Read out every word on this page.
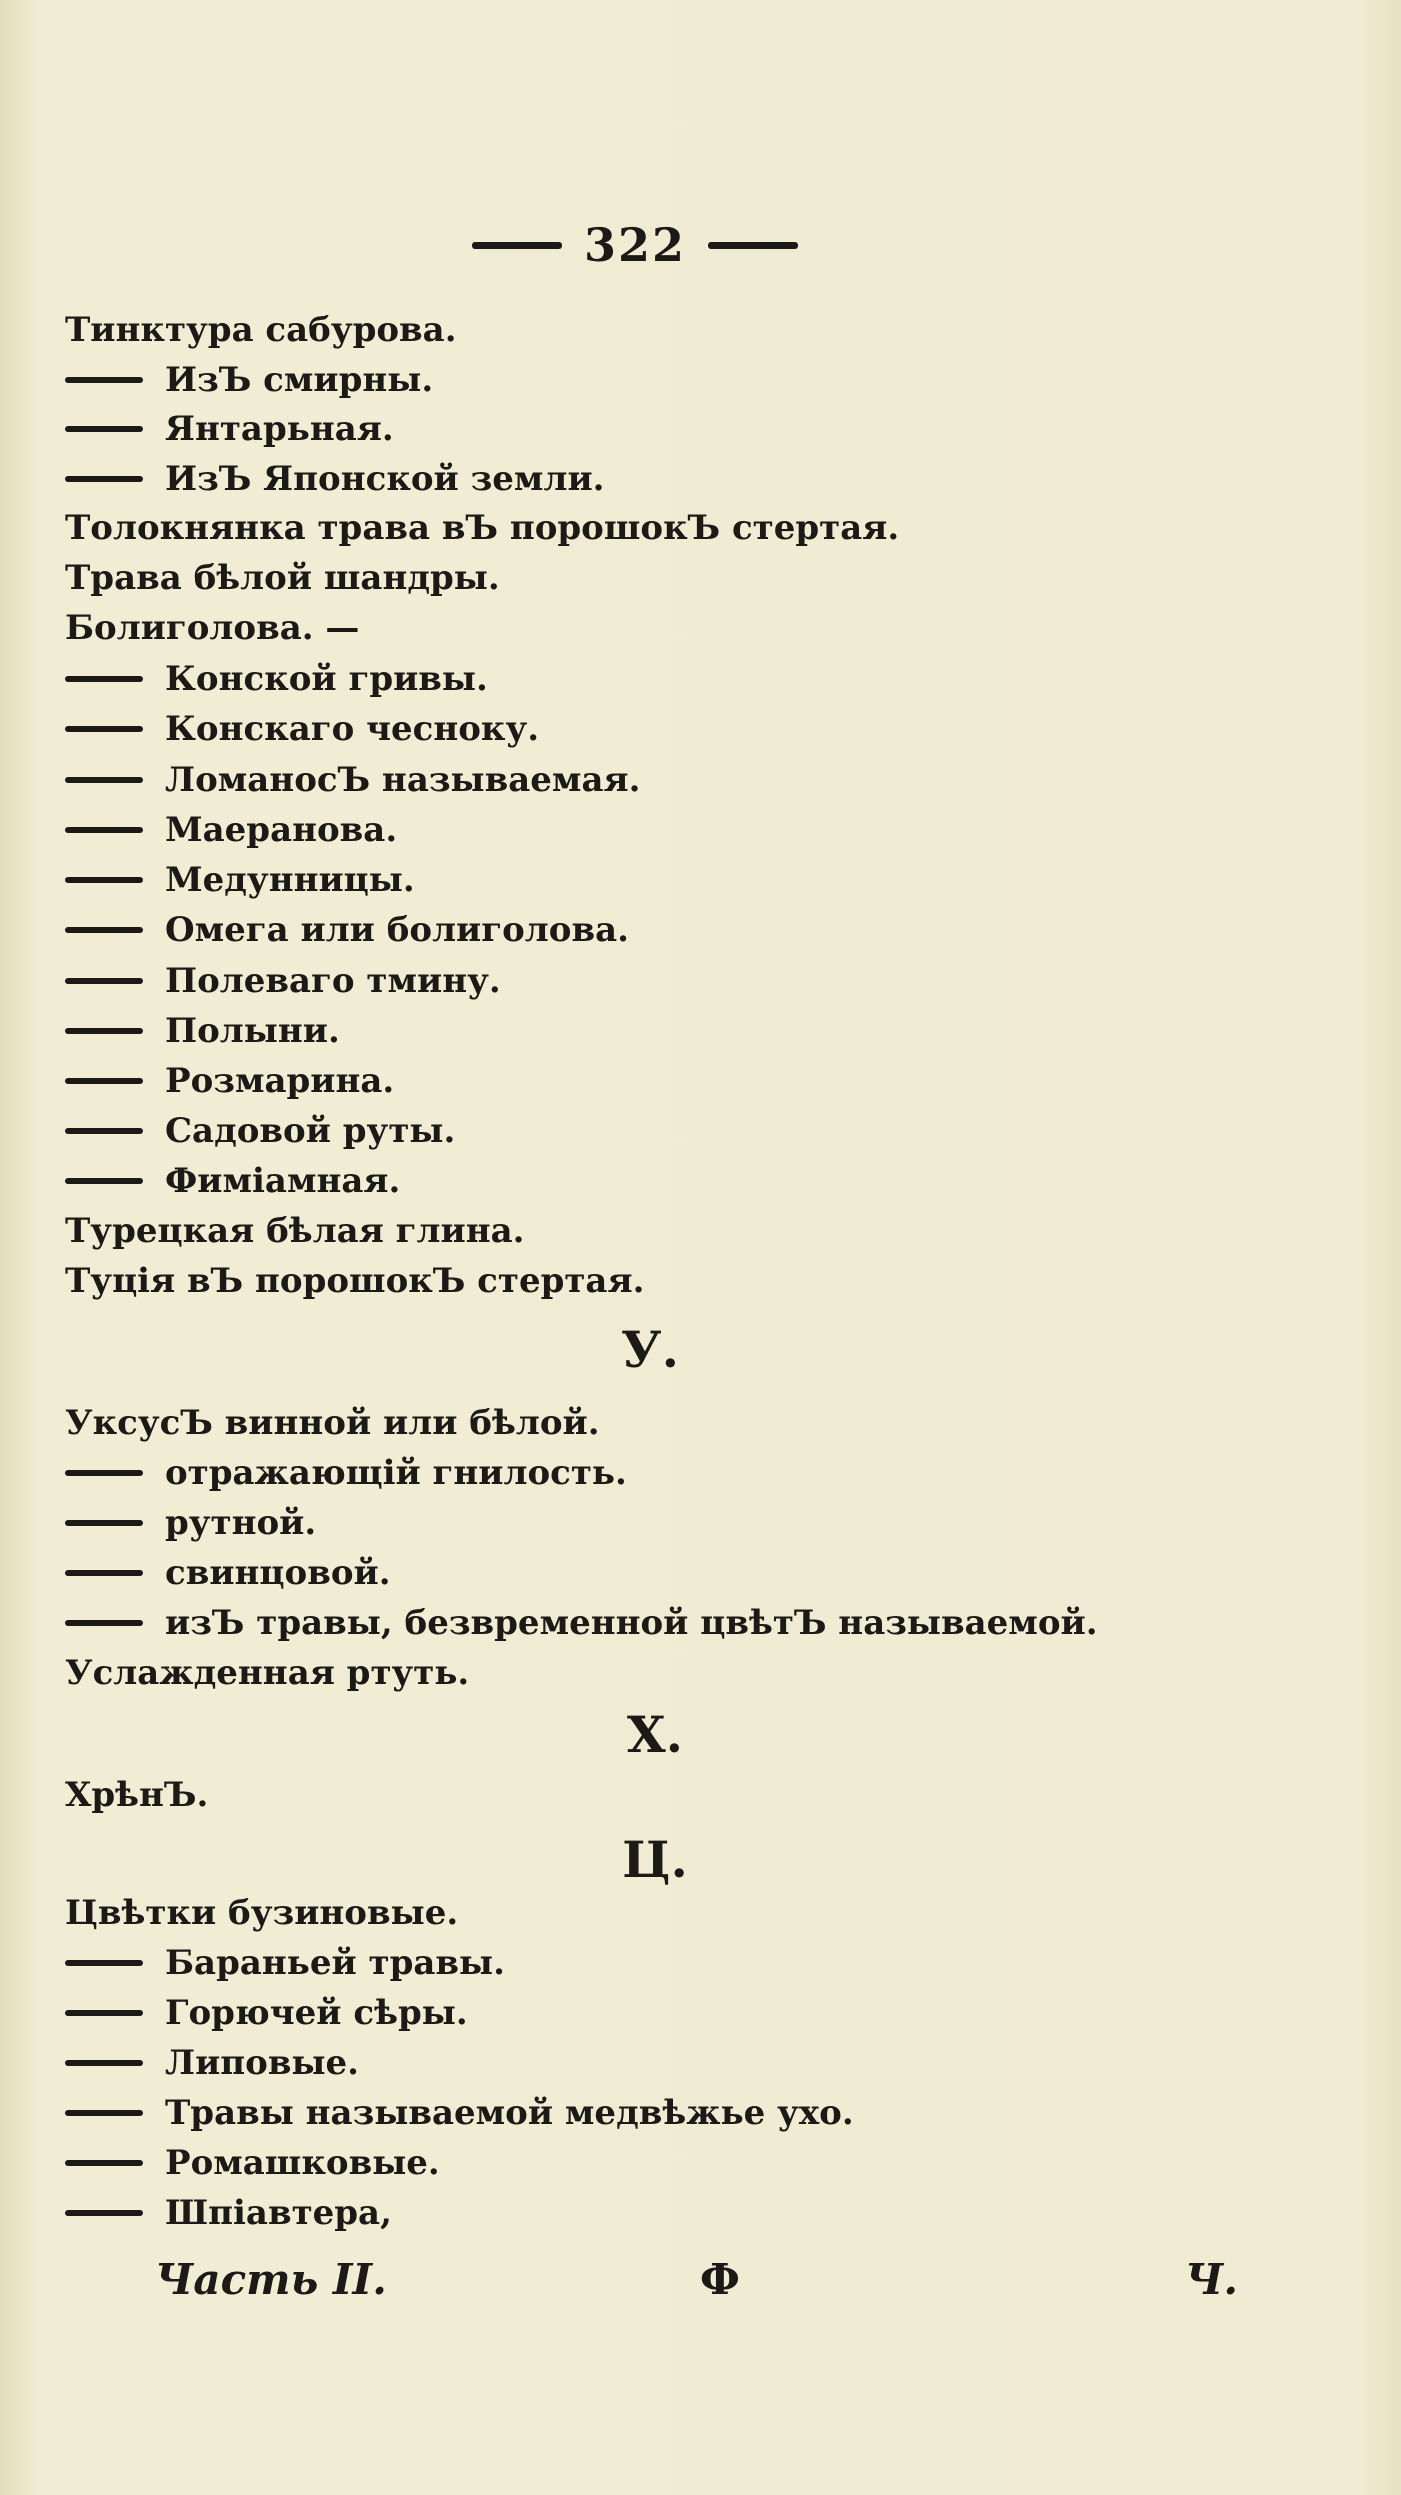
322
Тинктура сабурова.
ИзЪ смирны.
Янтарьная.
ИзЪ Японской земли.
Толокнянка трава вЪ порошокЪ стертая.
Трава бѣлой шандры.
Болиголова. —
Конской гривы.
Конскаго чесноку.
ЛоманосЪ называемая.
Маеранова.
Медунницы.
Омега или болиголова.
Полеваго тмину.
Полыни.
Розмарина.
Садовой руты.
Фиміамная.
Турецкая бѣлая глина.
Туція вЪ порошокЪ стертая.
У.
УксусЪ винной или бѣлой.
отражающій гнилость.
рутной.
свинцовой.
изЪ травы, безвременной цвѣтЪ называемой.
Услажденная ртуть.
Х.
ХрѣнЪ.
Ц.
Цвѣтки бузиновые.
Бараньей травы.
Горючей сѣры.
Липовые.
Травы называемой медвѣжье ухо.
Ромашковые.
Шпіавтера,
Часть II.	Ф	Ч.
